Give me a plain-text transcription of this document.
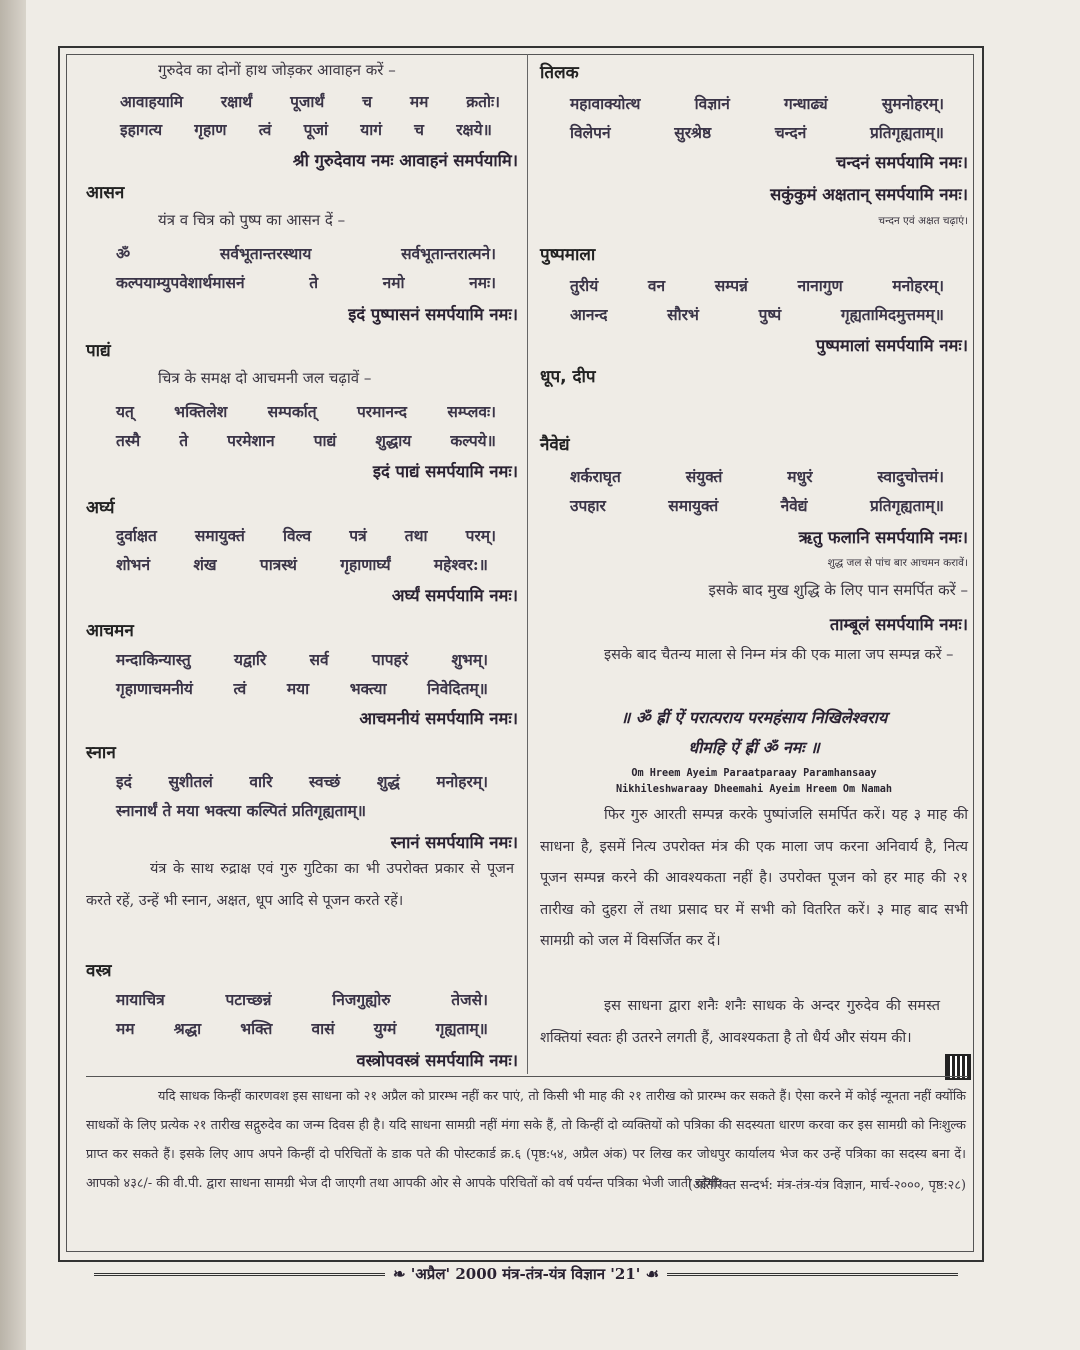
गुरुदेव का दोनों हाथ जोड़कर आवाहन करें –
आवाहयामि रक्षार्थं पूजार्थं च मम क्रतोः।
इहागत्य गृहाण त्वं पूजां यागं च रक्षये॥
श्री गुरुदेवाय नमः आवाहनं समर्पयामि।
आसन
यंत्र व चित्र को पुष्प का आसन दें –
ॐ	सर्वभूतान्तरस्थाय	सर्वभूतान्तरात्मने।
कल्पयाम्युपवेशार्थमासनं	ते	नमो	नमः।
इदं पुष्पासनं समर्पयामि नमः।
पाद्यं
चित्र के समक्ष दो आचमनी जल चढ़ावें –
यत्	भक्तिलेश	सम्पर्कात्	परमानन्द	सम्प्लवः।
तस्मै	ते	परमेशान	पाद्यं	शुद्धाय	कल्पये॥
इदं पाद्यं समर्पयामि नमः।
अर्घ्य
दुर्वाक्षत समायुक्तं विल्व पत्रं तथा परम्।
शोभनं	शंख	पात्रस्थं	गृहाणार्घ्यं	महेश्वर:॥
अर्घ्यं समर्पयामि नमः।
आचमन
मन्दाकिन्यास्तु	यद्वारि	सर्व	पापहरं	शुभम्।
गृहाणाचमनीयं	त्वं	मया	भक्त्या	निवेदितम्॥
आचमनीयं समर्पयामि नमः।
स्नान
इदं सुशीतलं वारि स्वच्छं शुद्धं मनोहरम्।
स्नानार्थं ते मया भक्त्या कल्पितं प्रतिगृह्यताम्॥
स्नानं समर्पयामि नमः।
यंत्र के साथ रुद्राक्ष एवं गुरु गुटिका का भी उपरोक्त प्रकार से पूजन करते रहें, उन्हें भी स्नान, अक्षत, धूप आदि से पूजन करते रहें।
वस्त्र
मायाचित्र	पटाच्छन्नं	निजगुह्योरु	तेजसे।
मम	श्रद्धा	भक्ति	वासं	युग्मं	गृह्यताम्॥
वस्त्रोपवस्त्रं समर्पयामि नमः।
तिलक
महावाक्योत्थ	विज्ञानं	गन्धाढ्यं	सुमनोहरम्।
विलेपनं	सुरश्रेष्ठ	चन्दनं	प्रतिगृह्यताम्॥
चन्दनं समर्पयामि नमः।
सकुंकुमं अक्षतान् समर्पयामि नमः।
चन्दन एवं अक्षत चढ़ाएं।
पुष्पमाला
तुरीयं	वन	सम्पन्नं	नानागुण	मनोहरम्।
आनन्द	सौरभं	पुष्पं	गृह्यतामिदमुत्तमम्॥
पुष्पमालां समर्पयामि नमः।
धूप, दीप
नैवेद्यं
शर्कराघृत	संयुक्तं	मधुरं	स्वादुचोत्तमं।
उपहार	समायुक्तं	नैवेद्यं	प्रतिगृह्यताम्॥
ऋतु फलानि समर्पयामि नमः।
शुद्ध जल से पांच बार आचमन करावें।
इसके बाद मुख शुद्धि के लिए पान समर्पित करें –
ताम्बूलं समर्पयामि नमः।
इसके बाद चैतन्य माला से निम्न मंत्र की एक माला जप सम्पन्न करें –
॥ ॐ ह्रीं ऐं परात्पराय परमहंसाय निखिलेश्वराय
धीमहि ऐं ह्रीं ॐ नमः ॥
Om Hreem Ayeim Paraatparaay Paramhansaay
Nikhileshwaraay Dheemahi Ayeim Hreem Om Namah
फिर गुरु आरती सम्पन्न करके पुष्पांजलि समर्पित करें। यह ३ माह की साधना है, इसमें नित्य उपरोक्त मंत्र की एक माला जप करना अनिवार्य है, नित्य पूजन सम्पन्न करने की आवश्यकता नहीं है। उपरोक्त पूजन को हर माह की २१ तारीख को दुहरा लें तथा प्रसाद घर में सभी को वितरित करें। ३ माह बाद सभी सामग्री को जल में विसर्जित कर दें।
इस साधना द्वारा शनैः शनैः साधक के अन्दर गुरुदेव की समस्त शक्तियां स्वतः ही उतरने लगती हैं, आवश्यकता है तो धैर्य और संयम की।
यदि साधक किन्हीं कारणवश इस साधना को २१ अप्रैल को प्रारम्भ नहीं कर पाएं, तो किसी भी माह की २१ तारीख को प्रारम्भ कर सकते हैं। ऐसा करने में कोई न्यूनता नहीं क्योंकि साधकों के लिए प्रत्येक २१ तारीख सद्गुरुदेव का जन्म दिवस ही है। यदि साधना सामग्री नहीं मंगा सके हैं, तो किन्हीं दो व्यक्तियों को पत्रिका की सदस्यता धारण करवा कर इस सामग्री को निःशुल्क प्राप्त कर सकते हैं। इसके लिए आप अपने किन्हीं दो परिचितों के डाक पते की पोस्टकार्ड क्र.६ (पृष्ठ:५४, अप्रैल अंक) पर लिख कर जोधपुर कार्यालय भेज कर उन्हें पत्रिका का सदस्य बना दें। आपको ४३८/- की वी.पी. द्वारा साधना सामग्री भेज दी जाएगी तथा आपकी ओर से आपके परिचितों को वर्ष पर्यन्त पत्रिका भेजी जाती रहेगी।
(अतिरिक्त सन्दर्भ: मंत्र-तंत्र-यंत्र विज्ञान, मार्च-२०००, पृष्ठ:२८)
❧ 'अप्रैल' 2000 मंत्र-तंत्र-यंत्र विज्ञान '21' ☙
